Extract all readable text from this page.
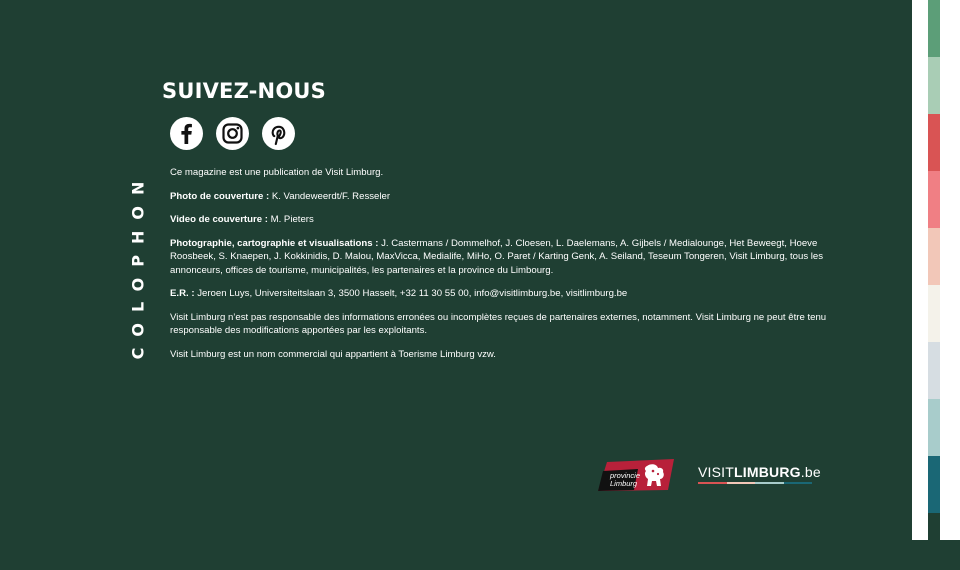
COLOPHON
SUIVEZ-NOUS

Ce magazine est une publication de Visit Limburg.

Photo de couverture : K. Vandeweerdt/F. Resseler

Video de couverture : M. Pieters

Photographie, cartographie et visualisations : J. Castermans / Dommelhof, J. Cloesen, L. Daelemans, A. Gijbels / Medialounge, Het Beweegt, Hoeve Roosbeek, S. Knaepen, J. Kokkinidis, D. Malou, MaxVicca, Medialife, MiHo, O. Paret / Karting Genk, A. Seiland, Teseum Tongeren, Visit Limburg, tous les annonceurs, offices de tourisme, municipalités, les partenaires et la province du Limbourg.

E.R. : Jeroen Luys, Universiteitslaan 3, 3500 Hasselt, +32 11 30 55 00, info@visitlimburg.be, visitlimburg.be

Visit Limburg n’est pas responsable des informations erronées ou incomplètes reçues de partenaires externes, notamment. Visit Limburg ne peut être tenu responsable des modifications apportées par les exploitants.

Visit Limburg est un nom commercial qui appartient à Toerisme Limburg vzw.

provincie
Limburg
VISITLIMBURG.be
